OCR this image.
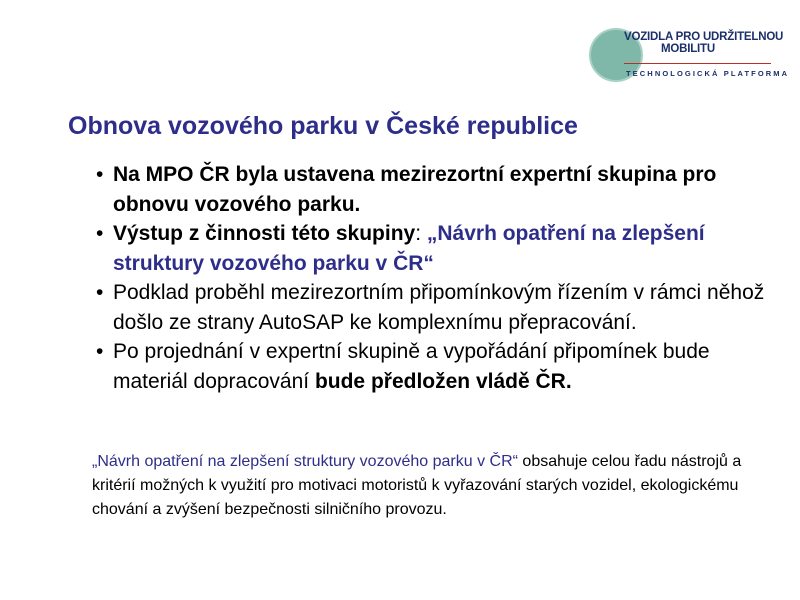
VOZIDLA PRO UDRŽITELNOU
MOBILITU
TECHNOLOGICKÁ PLATFORMA
Obnova vozového parku v České republice
• Na MPO ČR byla ustavena mezirezortní expertní skupina pro obnovu vozového parku.
• Výstup z činnosti této skupiny: „Návrh opatření na zlepšení struktury vozového parku v ČR“
• Podklad proběhl mezirezortním připomínkovým řízením v rámci něhož došlo ze strany AutoSAP ke komplexnímu přepracování.
• Po projednání v expertní skupině a vypořádání připomínek bude materiál dopracování bude předložen vládě ČR.
„Návrh opatření na zlepšení struktury vozového parku v ČR“ obsahuje celou řadu nástrojů a kritérií možných k využití pro motivaci motoristů k vyřazování starých vozidel, ekologickému chování a zvýšení bezpečnosti silničního provozu.
